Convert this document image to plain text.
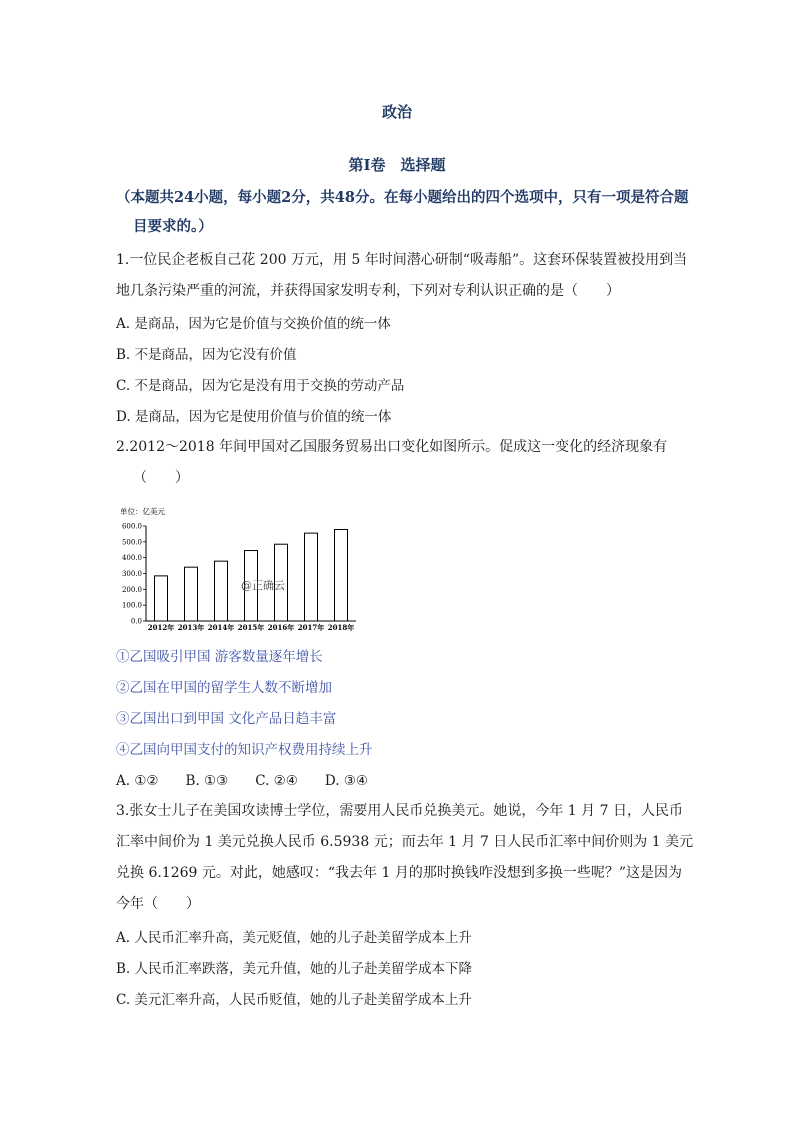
政治
第Ⅰ卷　选择题
（本题共24小题，每小题2分，共48分。在每小题给出的四个选项中，只有一项是符合题
目要求的。）
1.一位民企老板自己花 200 万元，用 5 年时间潜心研制“吸毒船”。这套环保装置被投用到当
地几条污染严重的河流，并获得国家发明专利，下列对专利认识正确的是（　　）
A. 是商品，因为它是价值与交换价值的统一体
B. 不是商品，因为它没有价值
C. 不是商品，因为它是没有用于交换的劳动产品
D. 是商品，因为它是使用价值与价值的统一体
2.2012～2018 年间甲国对乙国服务贸易出口变化如图所示。促成这一变化的经济现象有
（　　）
单位：亿美元
0.0
100.0
200.0
300.0
400.0
500.0
600.0
2012年 2013年 2014年 2015年 2016年 2017年 2018年
@正确云
①乙国吸引甲国 游客数量逐年增长
②乙国在甲国的留学生人数不断增加
③乙国出口到甲国 文化产品日趋丰富
④乙国向甲国支付的知识产权费用持续上升
A. ①②　　B. ①③　　C. ②④　　D. ③④
3.张女士儿子在美国攻读博士学位，需要用人民币兑换美元。她说，今年 1 月 7 日，人民币
汇率中间价为 1 美元兑换人民币 6.5938 元；而去年 1 月 7 日人民币汇率中间价则为 1 美元
兑换 6.1269 元。对此，她感叹：“我去年 1 月的那时换钱咋没想到多换一些呢？”这是因为
今年（　　）
A. 人民币汇率升高，美元贬值，她的儿子赴美留学成本上升
B. 人民币汇率跌落，美元升值，她的儿子赴美留学成本下降
C. 美元汇率升高，人民币贬值，她的儿子赴美留学成本上升
